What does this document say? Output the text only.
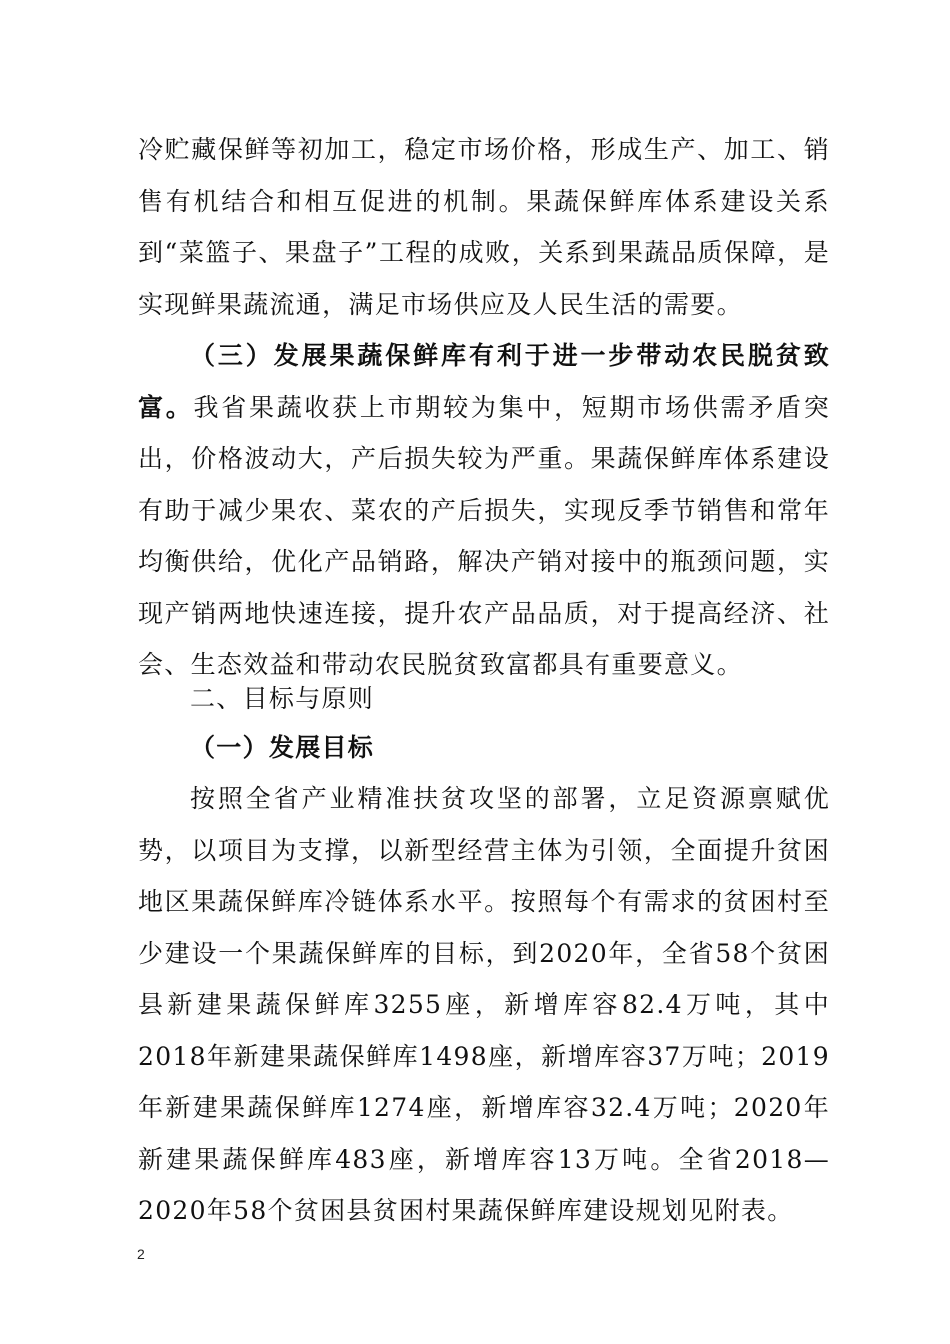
冷贮藏保鲜等初加工，稳定市场价格，形成生产、加工、销售有机结合和相互促进的机制。果蔬保鲜库体系建设关系到“菜篮子、果盘子”工程的成败，关系到果蔬品质保障，是实现鲜果蔬流通，满足市场供应及人民生活的需要。

（三）发展果蔬保鲜库有利于进一步带动农民脱贫致富。我省果蔬收获上市期较为集中，短期市场供需矛盾突出，价格波动大，产后损失较为严重。果蔬保鲜库体系建设有助于减少果农、菜农的产后损失，实现反季节销售和常年均衡供给，优化产品销路，解决产销对接中的瓶颈问题，实现产销两地快速连接，提升农产品品质，对于提高经济、社会、生态效益和带动农民脱贫致富都具有重要意义。

二、目标与原则
（一）发展目标

按照全省产业精准扶贫攻坚的部署，立足资源禀赋优势，以项目为支撑，以新型经营主体为引领，全面提升贫困地区果蔬保鲜库冷链体系水平。按照每个有需求的贫困村至少建设一个果蔬保鲜库的目标，到2020年，全省58个贫困县新建果蔬保鲜库3255座，新增库容82.4万吨，其中2018年新建果蔬保鲜库1498座，新增库容37万吨；2019年新建果蔬保鲜库1274座，新增库容32.4万吨；2020年新建果蔬保鲜库483座，新增库容13万吨。全省2018—2020年58个贫困县贫困村果蔬保鲜库建设规划见附表。

2
